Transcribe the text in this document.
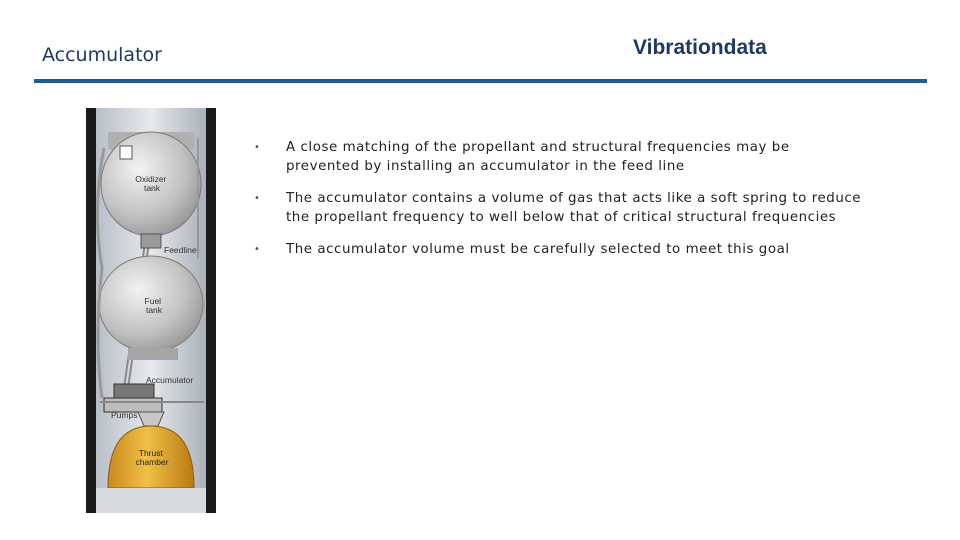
Accumulator	Vibrationdata
Oxidizer tank
Feedline
Fuel tank
Accumulator
Pumps
Thrust chamber
• A close matching of the propellant and structural frequencies may be prevented by installing an accumulator in the feed line
• The accumulator contains a volume of gas that acts like a soft spring to reduce the propellant frequency to well below that of critical structural frequencies
• The accumulator volume must be carefully selected to meet this goal
